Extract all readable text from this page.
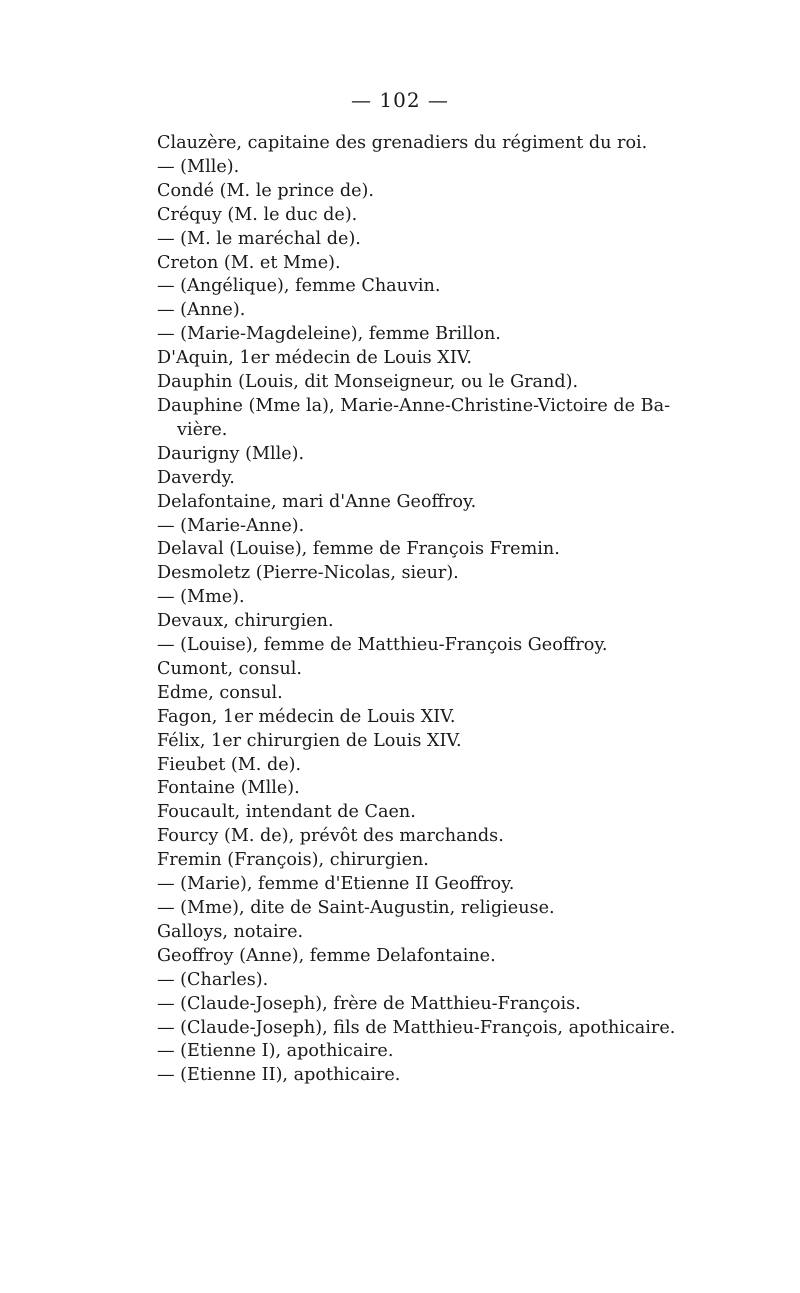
— 102 —
Clauzère, capitaine des grenadiers du régiment du roi.
— (Mlle).
Condé (M. le prince de).
Créquy (M. le duc de).
— (M. le maréchal de).
Creton (M. et Mme).
— (Angélique), femme Chauvin.
— (Anne).
— (Marie-Magdeleine), femme Brillon.
D'Aquin, 1er médecin de Louis XIV.
Dauphin (Louis, dit Monseigneur, ou le Grand).
Dauphine (Mme la), Marie-Anne-Christine-Victoire de Ba-
vière.
Daurigny (Mlle).
Daverdy.
Delafontaine, mari d'Anne Geoffroy.
— (Marie-Anne).
Delaval (Louise), femme de François Fremin.
Desmoletz (Pierre-Nicolas, sieur).
— (Mme).
Devaux, chirurgien.
— (Louise), femme de Matthieu-François Geoffroy.
Cumont, consul.
Edme, consul.
Fagon, 1er médecin de Louis XIV.
Félix, 1er chirurgien de Louis XIV.
Fieubet (M. de).
Fontaine (Mlle).
Foucault, intendant de Caen.
Fourcy (M. de), prévôt des marchands.
Fremin (François), chirurgien.
— (Marie), femme d'Etienne II Geoffroy.
— (Mme), dite de Saint-Augustin, religieuse.
Galloys, notaire.
Geoffroy (Anne), femme Delafontaine.
— (Charles).
— (Claude-Joseph), frère de Matthieu-François.
— (Claude-Joseph), fils de Matthieu-François, apothicaire.
— (Etienne I), apothicaire.
— (Etienne II), apothicaire.
